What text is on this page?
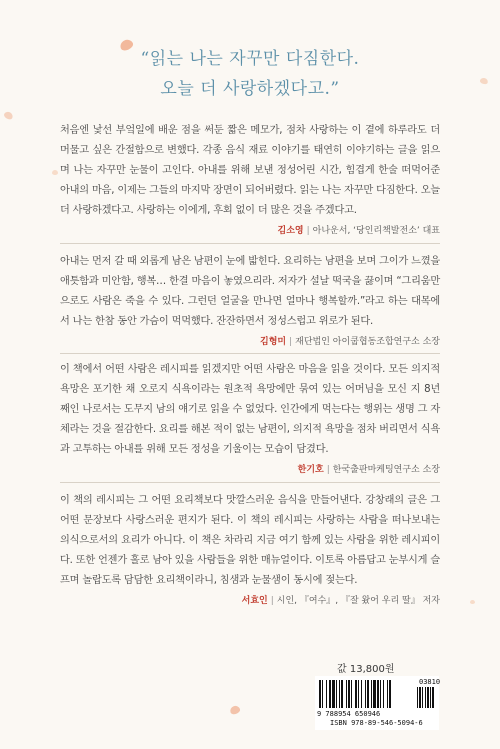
“읽는 나는 자꾸만 다짐한다.
오늘 더 사랑하겠다고.”
처음엔 낯선 부엌일에 배운 점을 써둔 짧은 메모가, 점차 사랑하는 이 곁에 하루라도 더 머물고 싶은 간절함으로 변했다. 각종 음식 재료 이야기를 태연히 이야기하는 글을 읽으며 나는 자꾸만 눈물이 고인다. 아내를 위해 보낸 정성어린 시간, 힘겹게 한술 떠먹어준 아내의 마음, 이제는 그들의 마지막 장면이 되어버렸다. 읽는 나는 자꾸만 다짐한다. 오늘 더 사랑하겠다고. 사랑하는 이에게, 후회 없이 더 많은 것을 주겠다고.
김소영 | 아나운서, ‘당인리책발전소’ 대표
아내는 먼저 갈 때 외롭게 남은 남편이 눈에 밟힌다. 요리하는 남편을 보며 그이가 느꼈을 애틋함과 미안함, 행복… 한결 마음이 놓였으리라. 저자가 설날 떡국을 끓이며 “그리움만으로도 사람은 죽을 수 있다. 그런던 얼굴을 만나면 얼마나 행복할까.”라고 하는 대목에서 나는 한참 동안 가슴이 먹먹했다. 잔잔하면서 정성스럽고 위로가 된다.
김형미 | 재단법인 아이쿱협동조합연구소 소장
이 책에서 어떤 사람은 레시피를 읽겠지만 어떤 사람은 마음을 읽을 것이다. 모든 의지적 욕망은 포기한 채 오로지 식욕이라는 원초적 욕망에만 묶여 있는 어머님을 모신 지 8년째인 나로서는 도무지 남의 얘기로 읽을 수 없었다. 인간에게 먹는다는 행위는 생명 그 자체라는 것을 절감한다. 요리를 해본 적이 없는 남편이, 의지적 욕망을 점차 버리면서 식욕과 고투하는 아내를 위해 모든 정성을 기울이는 모습이 담겼다.
한기호 | 한국출판마케팅연구소 소장
이 책의 레시피는 그 어떤 요리책보다 맛깔스러운 음식을 만들어낸다. 강창래의 글은 그 어떤 문장보다 사랑스러운 편지가 된다. 이 책의 레시피는 사랑하는 사람을 떠나보내는 의식으로서의 요리가 아니다. 이 책은 차라리 지금 여기 함께 있는 사람을 위한 레시피이다. 또한 언젠가 홀로 남아 있을 사람들을 위한 매뉴얼이다. 이토록 아름답고 눈부시게 슬프며 놀랍도록 담담한 요리책이라니, 침샘과 눈물샘이 동시에 젖는다.
서효인 | 시인, 『여수』, 『잘 왔어 우리 딸』 저자
값 13,800원
03810
9 788954 650946
ISBN 978-89-546-5094-6
